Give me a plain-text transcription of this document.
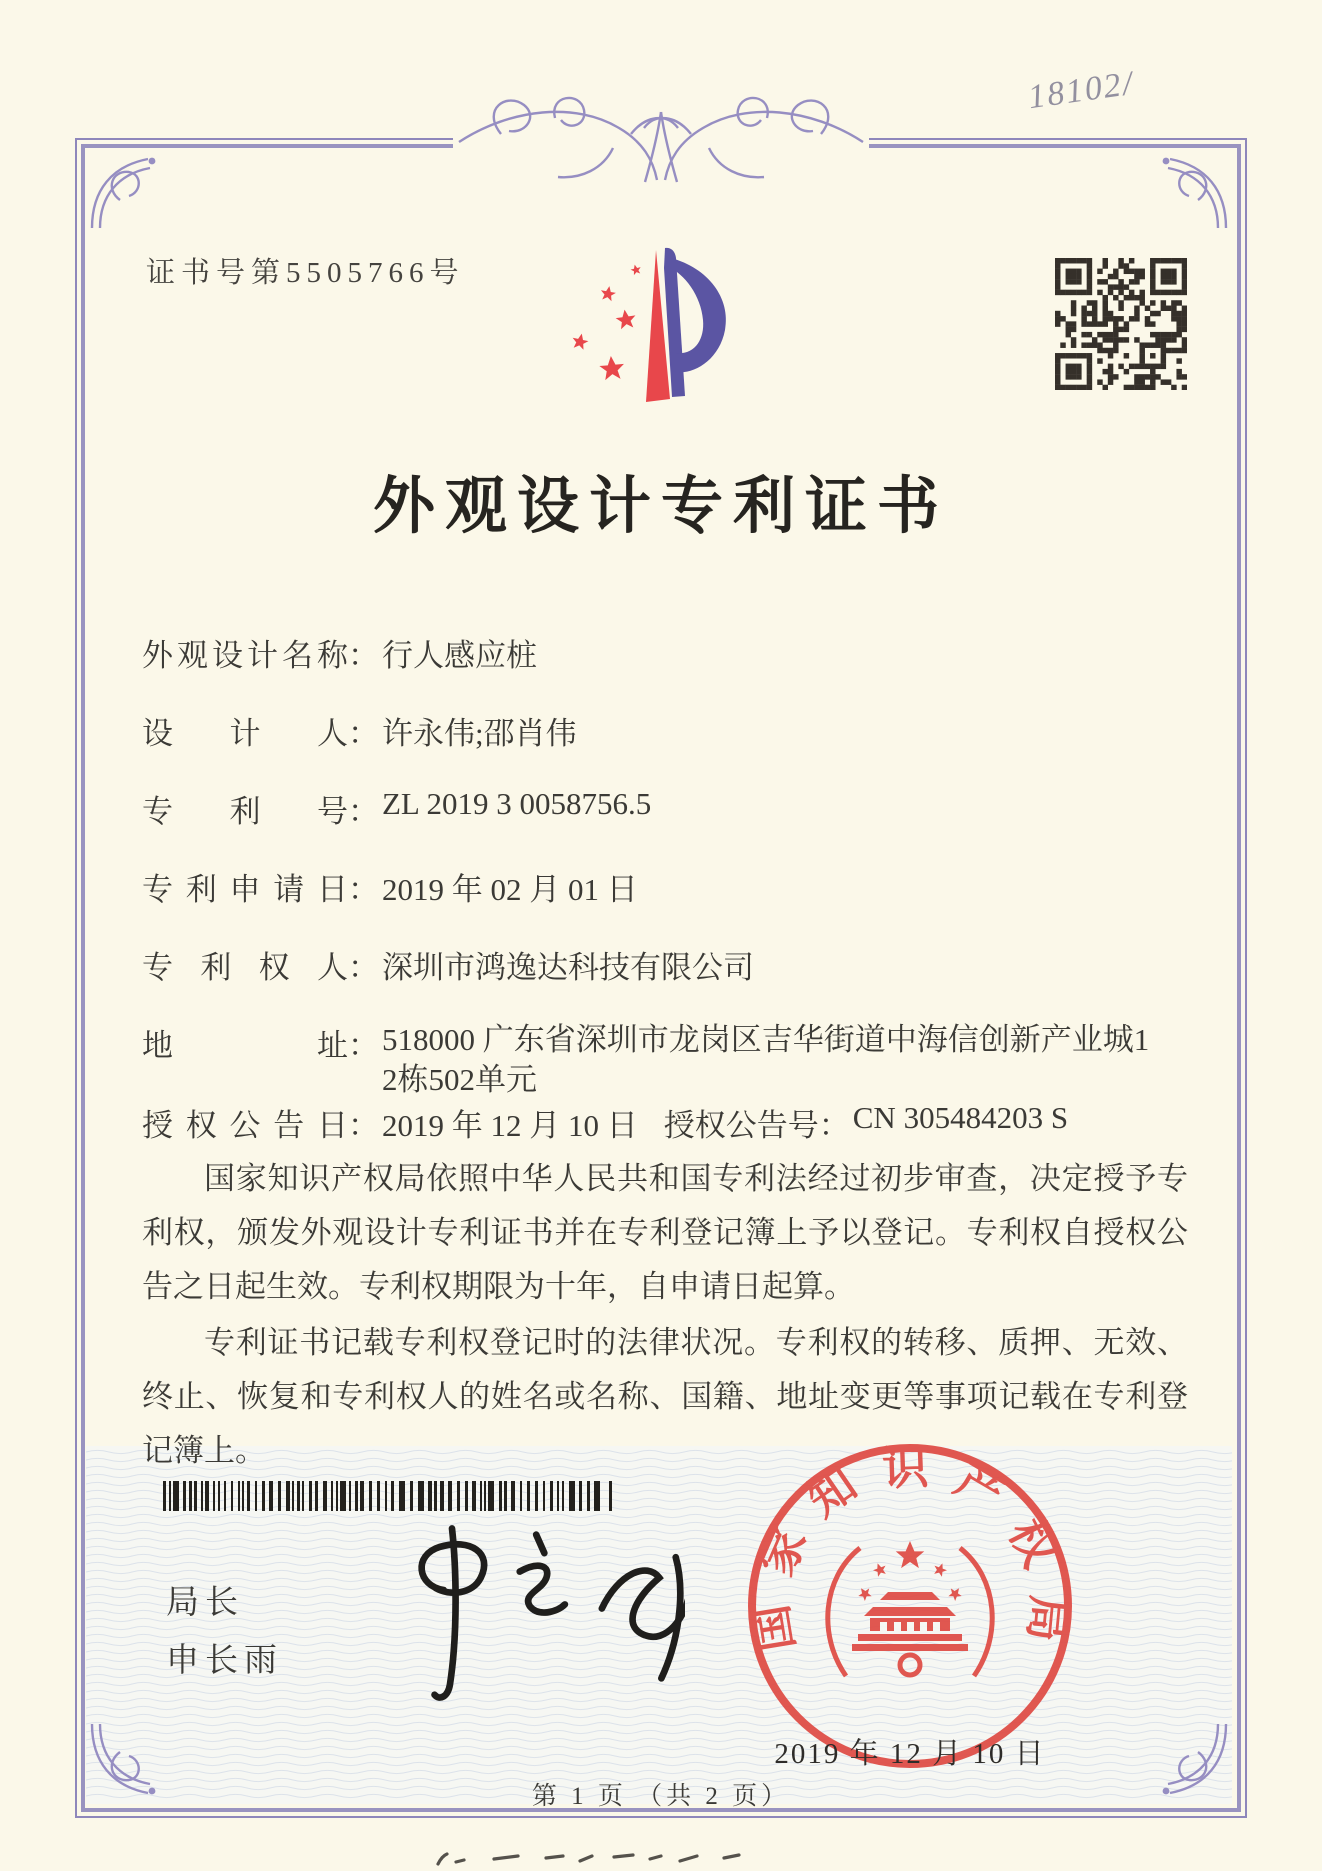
18102/
证书号第5505766号
外观设计专利证书
外观设计名称：行人感应桩
设计人：许永伟;邵肖伟
专利号：ZL 2019 3 0058756.5
专利申请日：2019 年 02 月 01 日
专利权人：深圳市鸿逸达科技有限公司
地址： 518000 广东省深圳市龙岗区吉华街道中海信创新产业城1
2栋502单元
授权公告日：2019 年 12 月 10 日 授权公告号：CN 305484203 S
国家知识产权局依照中华人民共和国专利法经过初步审查，决定授予专利权，颁发外观设计专利证书并在专利登记簿上予以登记。专利权自授权公告之日起生效。专利权期限为十年，自申请日起算。
专利证书记载专利权登记时的法律状况。专利权的转移、质押、无效、终止、恢复和专利权人的姓名或名称、国籍、地址变更等事项记载在专利登记簿上。
局长
申长雨
国家知识产权局
2019 年 12 月 10 日
第 1 页 （共 2 页）
